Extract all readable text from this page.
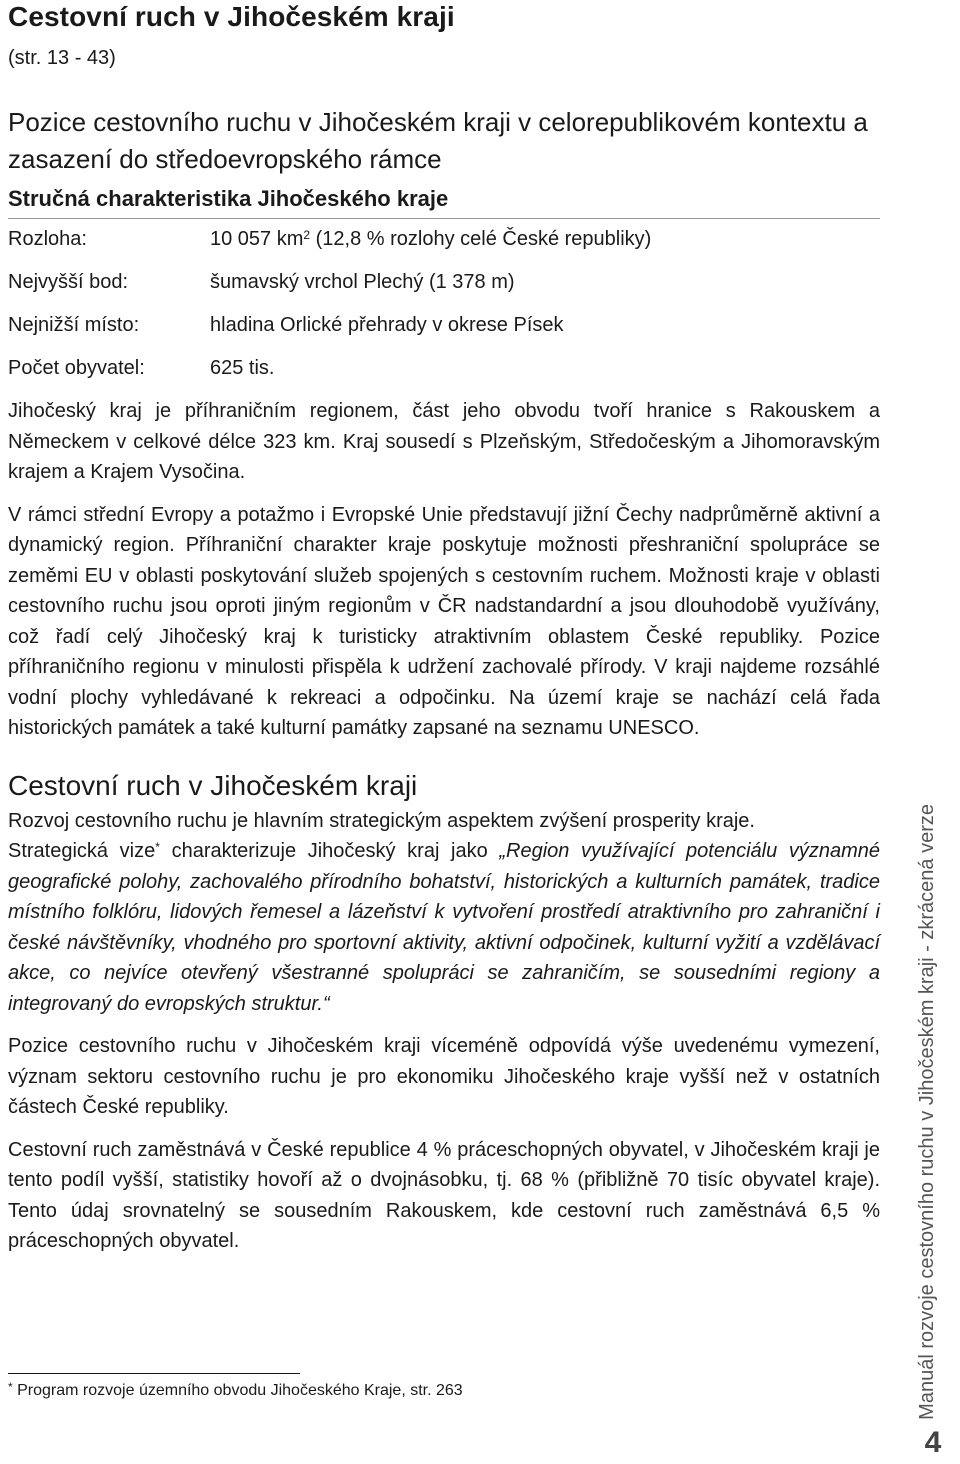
Cestovní ruch v Jihočeském kraji
(str. 13 - 43)
Pozice cestovního ruchu v Jihočeském kraji v celorepublikovém kontextu a zasazení do středoevropského rámce
Stručná charakteristika Jihočeského kraje
Rozloha:	10 057 $km^2$ (12,8 % rozlohy celé České republiky)
Nejvyšší bod:	šumavský vrchol Plechý (1 378 m)
Nejnižší místo:	hladina Orlické přehrady v okrese Písek
Počet obyvatel:	625 tis.

Jihočeský kraj je příhraničním regionem, část jeho obvodu tvoří hranice s Rakouskem a Německem v celkové délce 323 km. Kraj sousedí s Plzeňským, Středočeským a Jihomoravským krajem a Krajem Vysočina.

V rámci střední Evropy a potažmo i Evropské Unie představují jižní Čechy nadprůměrně aktivní a dynamický region. Příhraniční charakter kraje poskytuje možnosti přeshraniční spolupráce se zeměmi EU v oblasti poskytování služeb spojených s cestovním ruchem. Možnosti kraje v oblasti cestovního ruchu jsou oproti jiným regionům v ČR nadstandardní a jsou dlouhodobě využívány, což řadí celý Jihočeský kraj k turisticky atraktivním oblastem České republiky. Pozice příhraničního regionu v minulosti přispěla k udržení zachovalé přírody. V kraji najdeme rozsáhlé vodní plochy vyhledávané k rekreaci a odpočinku. Na území kraje se nachází celá řada historických památek a také kulturní památky zapsané na seznamu UNESCO.

Cestovní ruch v Jihočeském kraji

Rozvoj cestovního ruchu je hlavním strategickým aspektem zvýšení prosperity kraje.

Strategická vize* charakterizuje Jihočeský kraj jako „Region využívající potenciálu významné geografické polohy, zachovalého přírodního bohatství, historických a kulturních památek, tradice místního folklóru, lidových řemesel a lázeňství k vytvoření prostředí atraktivního pro zahraniční i české návštěvníky, vhodného pro sportovní aktivity, aktivní odpočinek, kulturní vyžití a vzdělávací akce, co nejvíce otevřený všestranné spolupráci se zahraničím, se sousedními regiony a integrovaný do evropských struktur.“

Pozice cestovního ruchu v Jihočeském kraji víceméně odpovídá výše uvedenému vymezení, význam sektoru cestovního ruchu je pro ekonomiku Jihočeského kraje vyšší než v ostatních částech České republiky.

Cestovní ruch zaměstnává v České republice 4 % práceschopných obyvatel, v Jihočeském kraji je tento podíl vyšší, statistiky hovoří až o dvojnásobku, tj. 68 % (přibližně 70 tisíc obyvatel kraje). Tento údaj srovnatelný se sousedním Rakouskem, kde cestovní ruch zaměstnává 6,5 % práceschopných obyvatel.

* Program rozvoje územního obvodu Jihočeského Kraje, str. 263	Manuál rozvoje cestovního ruchu v Jihočeském kraji - zkrácená verze
4
